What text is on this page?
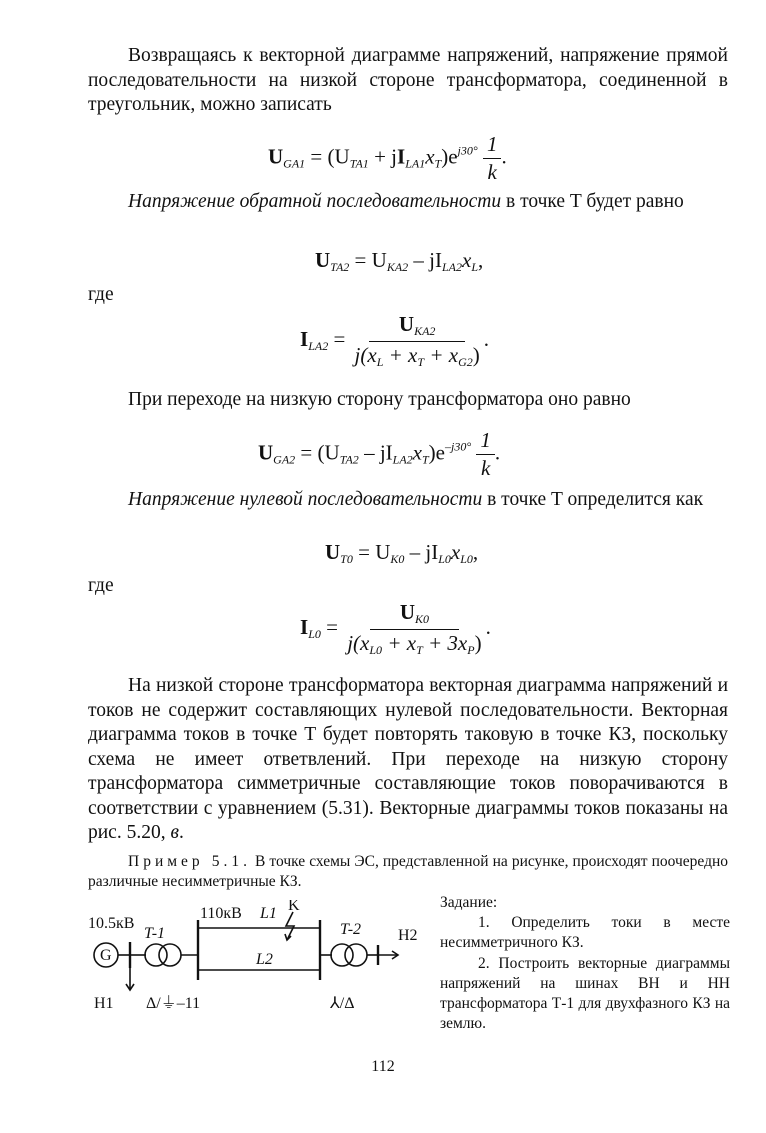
Возвращаясь к векторной диаграмме напряжений, напряжение прямой последовательности на низкой стороне трансформатора, соединенной в треугольник, можно записать
$U_{GA1} = (U_{TA1} + jI_{LA1}x_T)e^{j30^\circ} \frac{1}{k}$ .
Напряжение обратной последовательности в точке T будет равно
$U_{TA2} = U_{KA2} - jI_{LA2}x_L$,
где
$I_{LA2} = \frac{U_{KA2}}{j(x_L + x_T + x_{G2})}$ .
При переходе на низкую сторону трансформатора оно равно
$U_{GA2} = (U_{TA2} - jI_{LA2}x_T)e^{-j30^\circ} \frac{1}{k}$ .
Напряжение нулевой последовательности в точке T определится как
$U_{T0} = U_{K0} - jI_{L0}x_{L0}$,
где
$I_{L0} = \frac{U_{K0}}{j(x_{L0} + x_T + 3x_P)}$ .
На низкой стороне трансформатора векторная диаграмма напряжений и токов не содержит составляющих нулевой последовательности. Векторная диаграмма токов в точке T будет повторять таковую в точке КЗ, поскольку схема не имеет ответвлений. При переходе на низкую сторону трансформатора симметричные составляющие токов поворачиваются в соответствии с уравнением (5.31). Векторные диаграммы токов показаны на рис. 5.20, в.
Пример 5.1. В точке схемы ЭС, представленной на рисунке, происходят поочередно различные несимметричные КЗ.
Задание:
1. Определить токи в месте несимметричного КЗ.
2. Построить векторные диаграммы напряжений на шинах ВН и НН трансформатора Т-1 для двухфазного КЗ на землю.
10.5кВ
T-1
110кВ L1 K
T-2 H2
L2
G
H1 Δ/⏚–11	⅄/Δ
112
